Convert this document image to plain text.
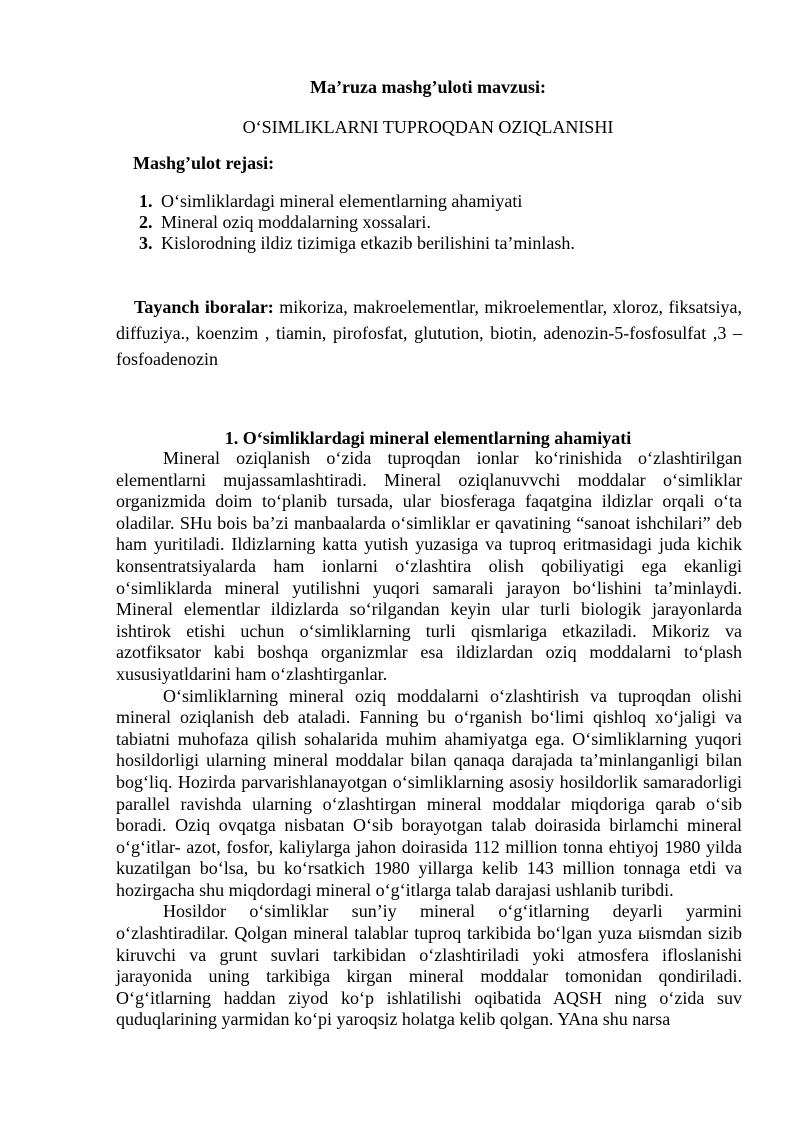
Ma’ruza mashg’uloti mavzusi:

O‘SIMLIKLARNI TUPROQDAN OZIQLANISHI

Mashg’ulot rejasi:

1. O‘simliklardagi mineral elementlarning ahamiyati
2. Mineral oziq moddalarning xossalari.
3. Kislorodning ildiz tizimiga etkazib berilishini ta’minlash.

Tayanch iboralar: mikoriza, makroelementlar, mikroelementlar, xloroz, fiksatsiya, diffuziya., koenzim , tiamin, pirofosfat, glutution, biotin, adenozin-5-fosfosulfat ,3 –fosfoadenozin

1. O‘simliklardagi mineral elementlarning ahamiyati

Mineral oziqlanish o‘zida tuproqdan ionlar ko‘rinishida o‘zlashtirilgan elementlarni mujassamlashtiradi. Mineral oziqlanuvvchi moddalar o‘simliklar organizmida doim to‘planib tursada, ular biosferaga faqatgina ildizlar orqali o‘ta oladilar. SHu bois ba’zi manbaalarda o‘simliklar er qavatining “sanoat ishchilari” deb ham yuritiladi. Ildizlarning katta yutish yuzasiga va tuproq eritmasidagi juda kichik konsentratsiyalarda ham ionlarni o‘zlashtira olish qobiliyatigi ega ekanligi o‘simliklarda mineral yutilishni yuqori samarali jarayon bo‘lishini ta’minlaydi. Mineral elementlar ildizlarda so‘rilgandan keyin ular turli biologik jarayonlarda ishtirok etishi uchun o‘simliklarning turli qismlariga etkaziladi. Mikoriz va azotfiksator kabi boshqa organizmlar esa ildizlardan oziq moddalarni to‘plash xususiyatldarini ham o‘zlashtirganlar.

O‘simliklarning mineral oziq moddalarni o‘zlashtirish va tuproqdan olishi mineral oziqlanish deb ataladi. Fanning bu o‘rganish bo‘limi qishloq xo‘jaligi va tabiatni muhofaza qilish sohalarida muhim ahamiyatga ega. O‘simliklarning yuqori hosildorligi ularning mineral moddalar bilan qanaqa darajada ta’minlanganligi bilan bog‘liq. Hozirda parvarishlanayotgan o‘simliklarning asosiy hosildorlik samaradorligi parallel ravishda ularning o‘zlashtirgan mineral moddalar miqdoriga qarab o‘sib boradi. Oziq ovqatga nisbatan O‘sib borayotgan talab doirasida birlamchi mineral o‘g‘itlar- azot, fosfor, kaliylarga jahon doirasida 112 million tonna ehtiyoj 1980 yilda kuzatilgan bo‘lsa, bu ko‘rsatkich 1980 yillarga kelib 143 million tonnaga etdi va hozirgacha shu miqdordagi mineral o‘g‘itlarga talab darajasi ushlanib turibdi.

Hosildor o‘simliklar sun’iy mineral o‘g‘itlarning deyarli yarmini o‘zlashtiradilar. Qolgan mineral talablar tuproq tarkibida bo‘lgan yuza ыismdan sizib kiruvchi va grunt suvlari tarkibidan o‘zlashtiriladi yoki atmosfera ifloslanishi jarayonida uning tarkibiga kirgan mineral moddalar tomonidan qondiriladi. O‘g‘itlarning haddan ziyod ko‘p ishlatilishi oqibatida AQSH ning o‘zida suv quduqlarining yarmidan ko‘pi yaroqsiz holatga kelib qolgan. YAna shu narsa
